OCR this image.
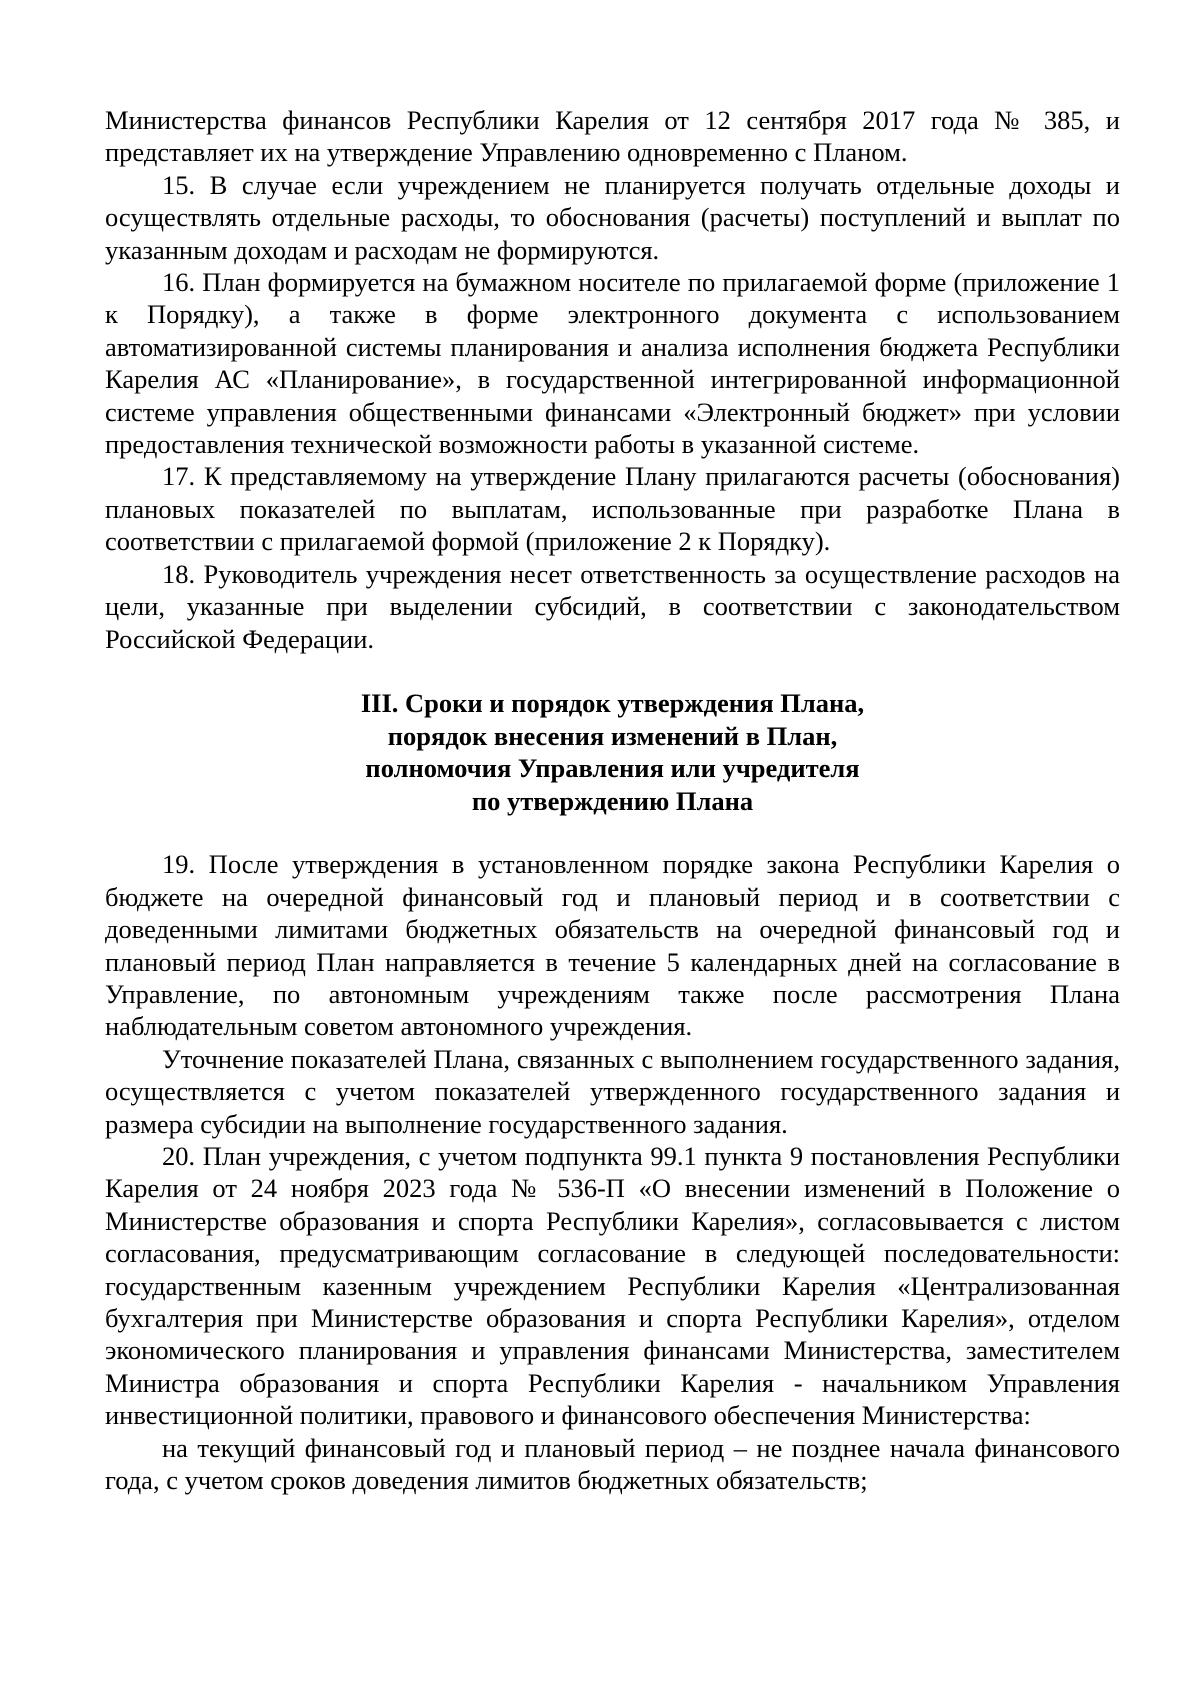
Министерства финансов Республики Карелия от 12 сентября 2017 года № 385, и представляет их на утверждение Управлению одновременно с Планом.

15. В случае если учреждением не планируется получать отдельные доходы и осуществлять отдельные расходы, то обоснования (расчеты) поступлений и выплат по указанным доходам и расходам не формируются.

16. План формируется на бумажном носителе по прилагаемой форме (приложение 1 к Порядку), а также в форме электронного документа с использованием автоматизированной системы планирования и анализа исполнения бюджета Республики Карелия АС «Планирование», в государственной интегрированной информационной системе управления общественными финансами «Электронный бюджет» при условии предоставления технической возможности работы в указанной системе.

17. К представляемому на утверждение Плану прилагаются расчеты (обоснования) плановых показателей по выплатам, использованные при разработке Плана в соответствии с прилагаемой формой (приложение 2 к Порядку).

18. Руководитель учреждения несет ответственность за осуществление расходов на цели, указанные при выделении субсидий, в соответствии с законодательством Российской Федерации.

III. Сроки и порядок утверждения Плана,
порядок внесения изменений в План,
полномочия Управления или учредителя
по утверждению Плана

19. После утверждения в установленном порядке закона Республики Карелия о бюджете на очередной финансовый год и плановый период и в соответствии с доведенными лимитами бюджетных обязательств на очередной финансовый год и плановый период План направляется в течение 5 календарных дней на согласование в Управление, по автономным учреждениям также после рассмотрения Плана наблюдательным советом автономного учреждения.

Уточнение показателей Плана, связанных с выполнением государственного задания, осуществляется с учетом показателей утвержденного государственного задания и размера субсидии на выполнение государственного задания.

20. План учреждения, с учетом подпункта 99.1 пункта 9 постановления Республики Карелия от 24 ноября 2023 года № 536-П «О внесении изменений в Положение о Министерстве образования и спорта Республики Карелия», согласовывается с листом согласования, предусматривающим согласование в следующей последовательности: государственным казенным учреждением Республики Карелия «Централизованная бухгалтерия при Министерстве образования и спорта Республики Карелия», отделом экономического планирования и управления финансами Министерства, заместителем Министра образования и спорта Республики Карелия - начальником Управления инвестиционной политики, правового и финансового обеспечения Министерства:

на текущий финансовый год и плановый период – не позднее начала финансового года, с учетом сроков доведения лимитов бюджетных обязательств;
